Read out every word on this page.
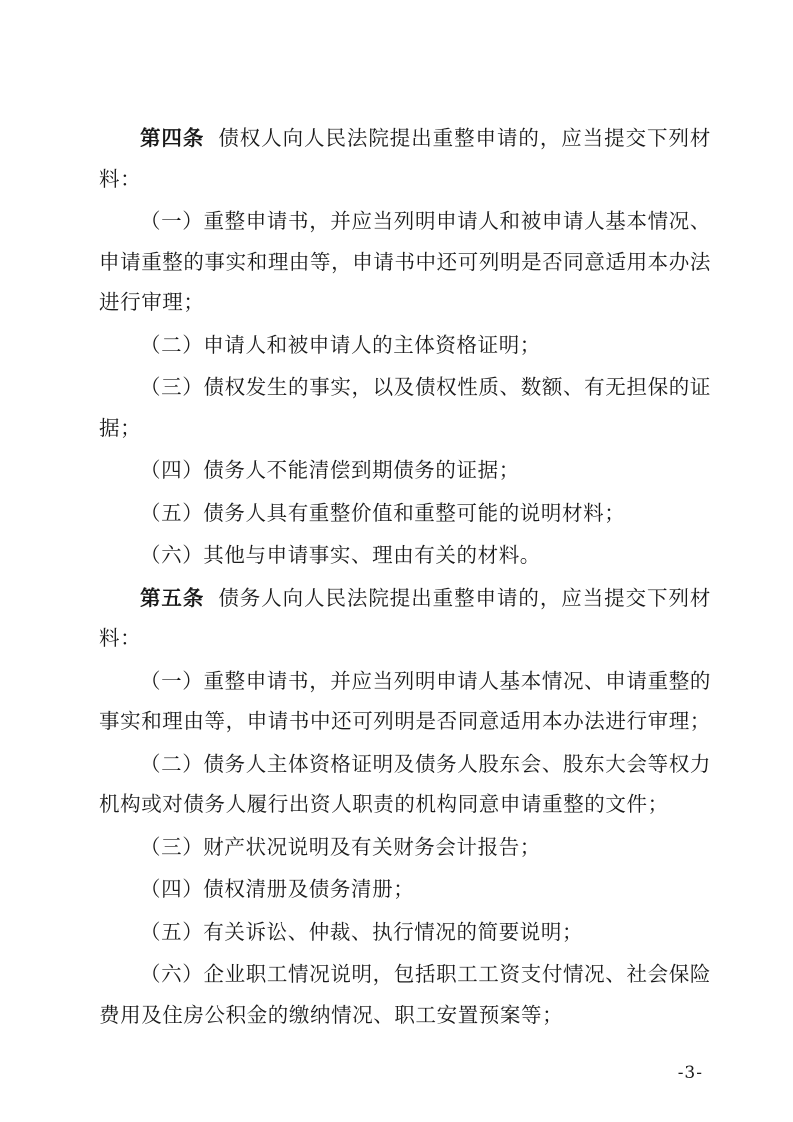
第四条 债权人向人民法院提出重整申请的，应当提交下列材料：

（一）重整申请书，并应当列明申请人和被申请人基本情况、申请重整的事实和理由等，申请书中还可列明是否同意适用本办法进行审理；

（二）申请人和被申请人的主体资格证明；

（三）债权发生的事实，以及债权性质、数额、有无担保的证据；

（四）债务人不能清偿到期债务的证据；

（五）债务人具有重整价值和重整可能的说明材料；

（六）其他与申请事实、理由有关的材料。

第五条 债务人向人民法院提出重整申请的，应当提交下列材料：

（一）重整申请书，并应当列明申请人基本情况、申请重整的事实和理由等，申请书中还可列明是否同意适用本办法进行审理；

（二）债务人主体资格证明及债务人股东会、股东大会等权力机构或对债务人履行出资人职责的机构同意申请重整的文件；

（三）财产状况说明及有关财务会计报告；

（四）债权清册及债务清册；

（五）有关诉讼、仲裁、执行情况的简要说明；

（六）企业职工情况说明，包括职工工资支付情况、社会保险费用及住房公积金的缴纳情况、职工安置预案等；

-3-
